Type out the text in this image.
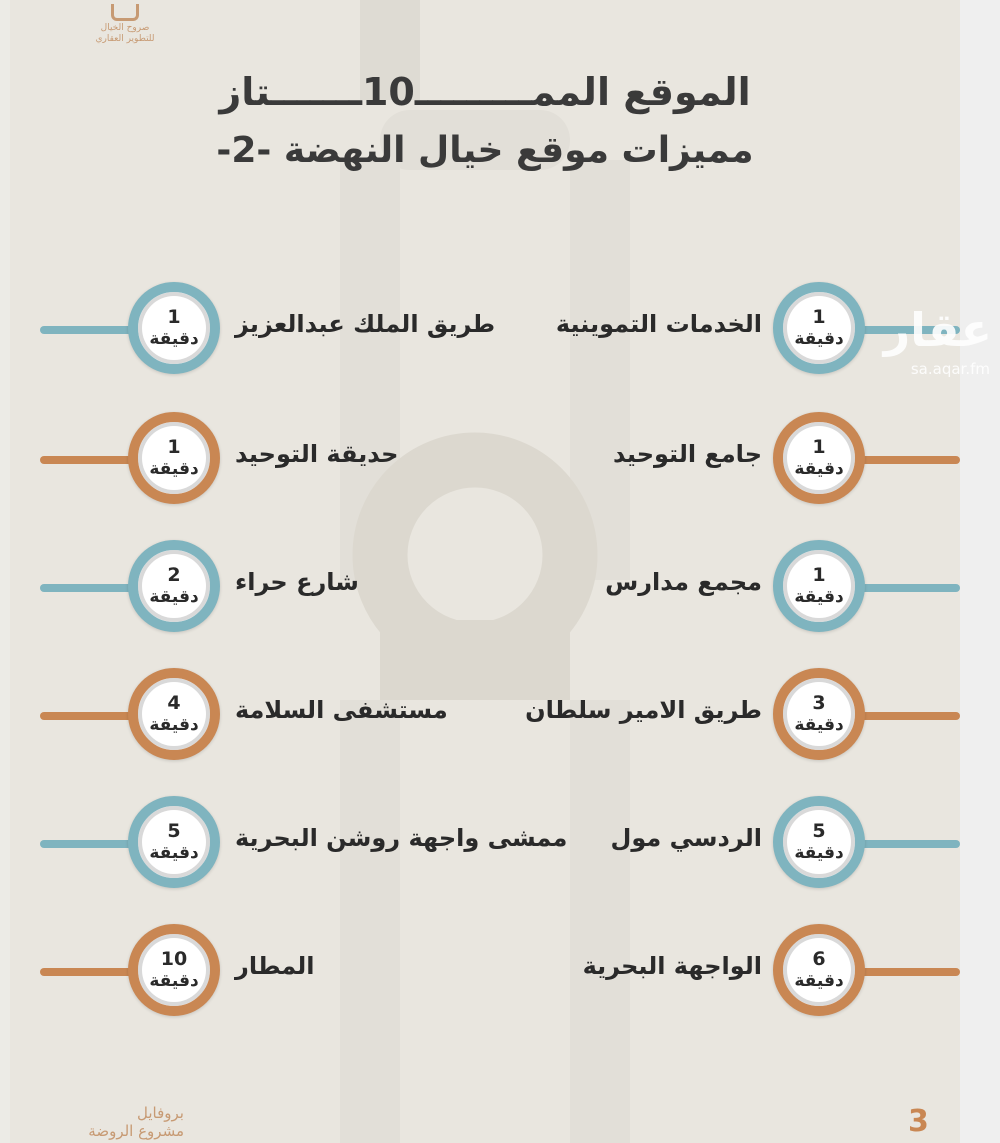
صروح الخيال للتطوير العقاري
الموقع الممـــــــــ10ـــــــتاز
مميزات موقع خيال النهضة -2-
1
دقيقة
طريق الملك عبدالعزيز
1
دقيقة
حديقة التوحيد
2
دقيقة
شارع حراء
4
دقيقة
مستشفى السلامة
5
دقيقة
ممشى واجهة روشن البحرية
10
دقيقة
المطار
1
دقيقة
الخدمات التموينية
1
دقيقة
جامع التوحيد
1
دقيقة
مجمع مدارس
3
دقيقة
طريق الامير سلطان
5
دقيقة
الردسي مول
6
دقيقة
الواجهة البحرية
بروفايل
مشروع الروضة	3
عقار
sa.aqar.fm
